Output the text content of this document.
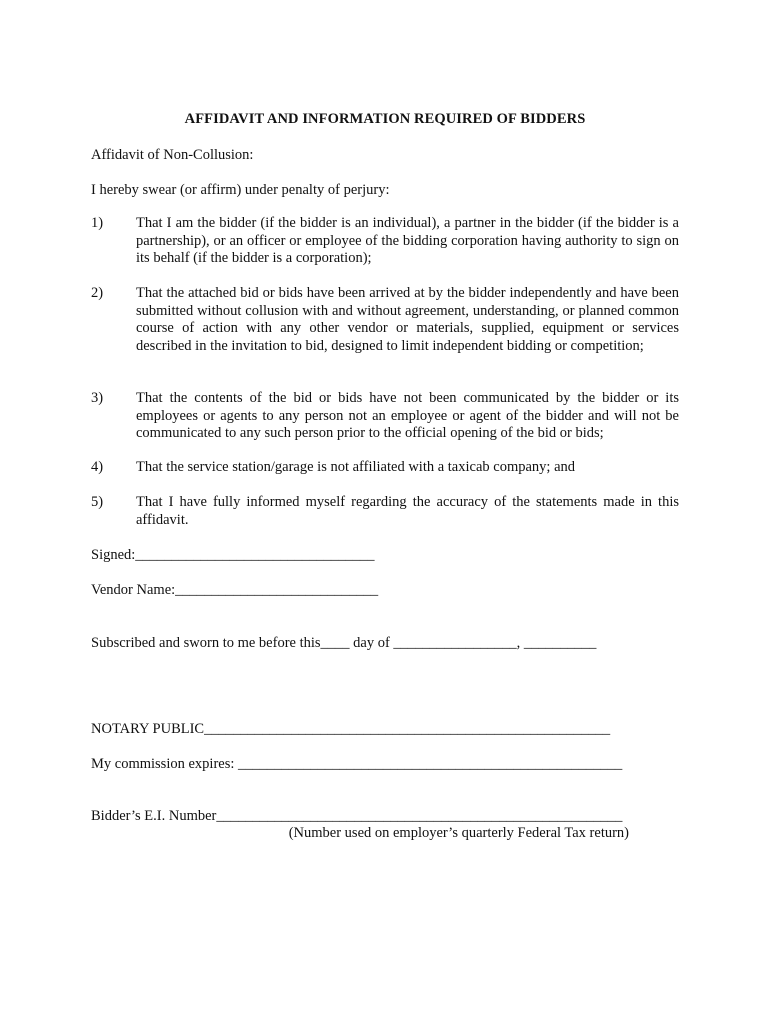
AFFIDAVIT AND INFORMATION REQUIRED OF BIDDERS
Affidavit of Non-Collusion:
I hereby swear (or affirm) under penalty of perjury:
1) That I am the bidder (if the bidder is an individual), a partner in the bidder (if the bidder is a partnership), or an officer or employee of the bidding corporation having authority to sign on its behalf (if the bidder is a corporation);
2) That the attached bid or bids have been arrived at by the bidder independently and have been submitted without collusion with and without agreement, understanding, or planned common course of action with any other vendor or materials, supplied, equipment or services described in the invitation to bid, designed to limit independent bidding or competition;
3) That the contents of the bid or bids have not been communicated by the bidder or its employees or agents to any person not an employee or agent of the bidder and will not be communicated to any such person prior to the official opening of the bid or bids;
4) That the service station/garage is not affiliated with a taxicab company; and
5) That I have fully informed myself regarding the accuracy of the statements made in this affidavit.
Signed:_________________________________
Vendor Name:____________________________
Subscribed and sworn to me before this____ day of _________________, __________
NOTARY PUBLIC________________________________________________________
My commission expires: _____________________________________________________
Bidder’s E.I. Number________________________________________________________
(Number used on employer’s quarterly Federal Tax return)
